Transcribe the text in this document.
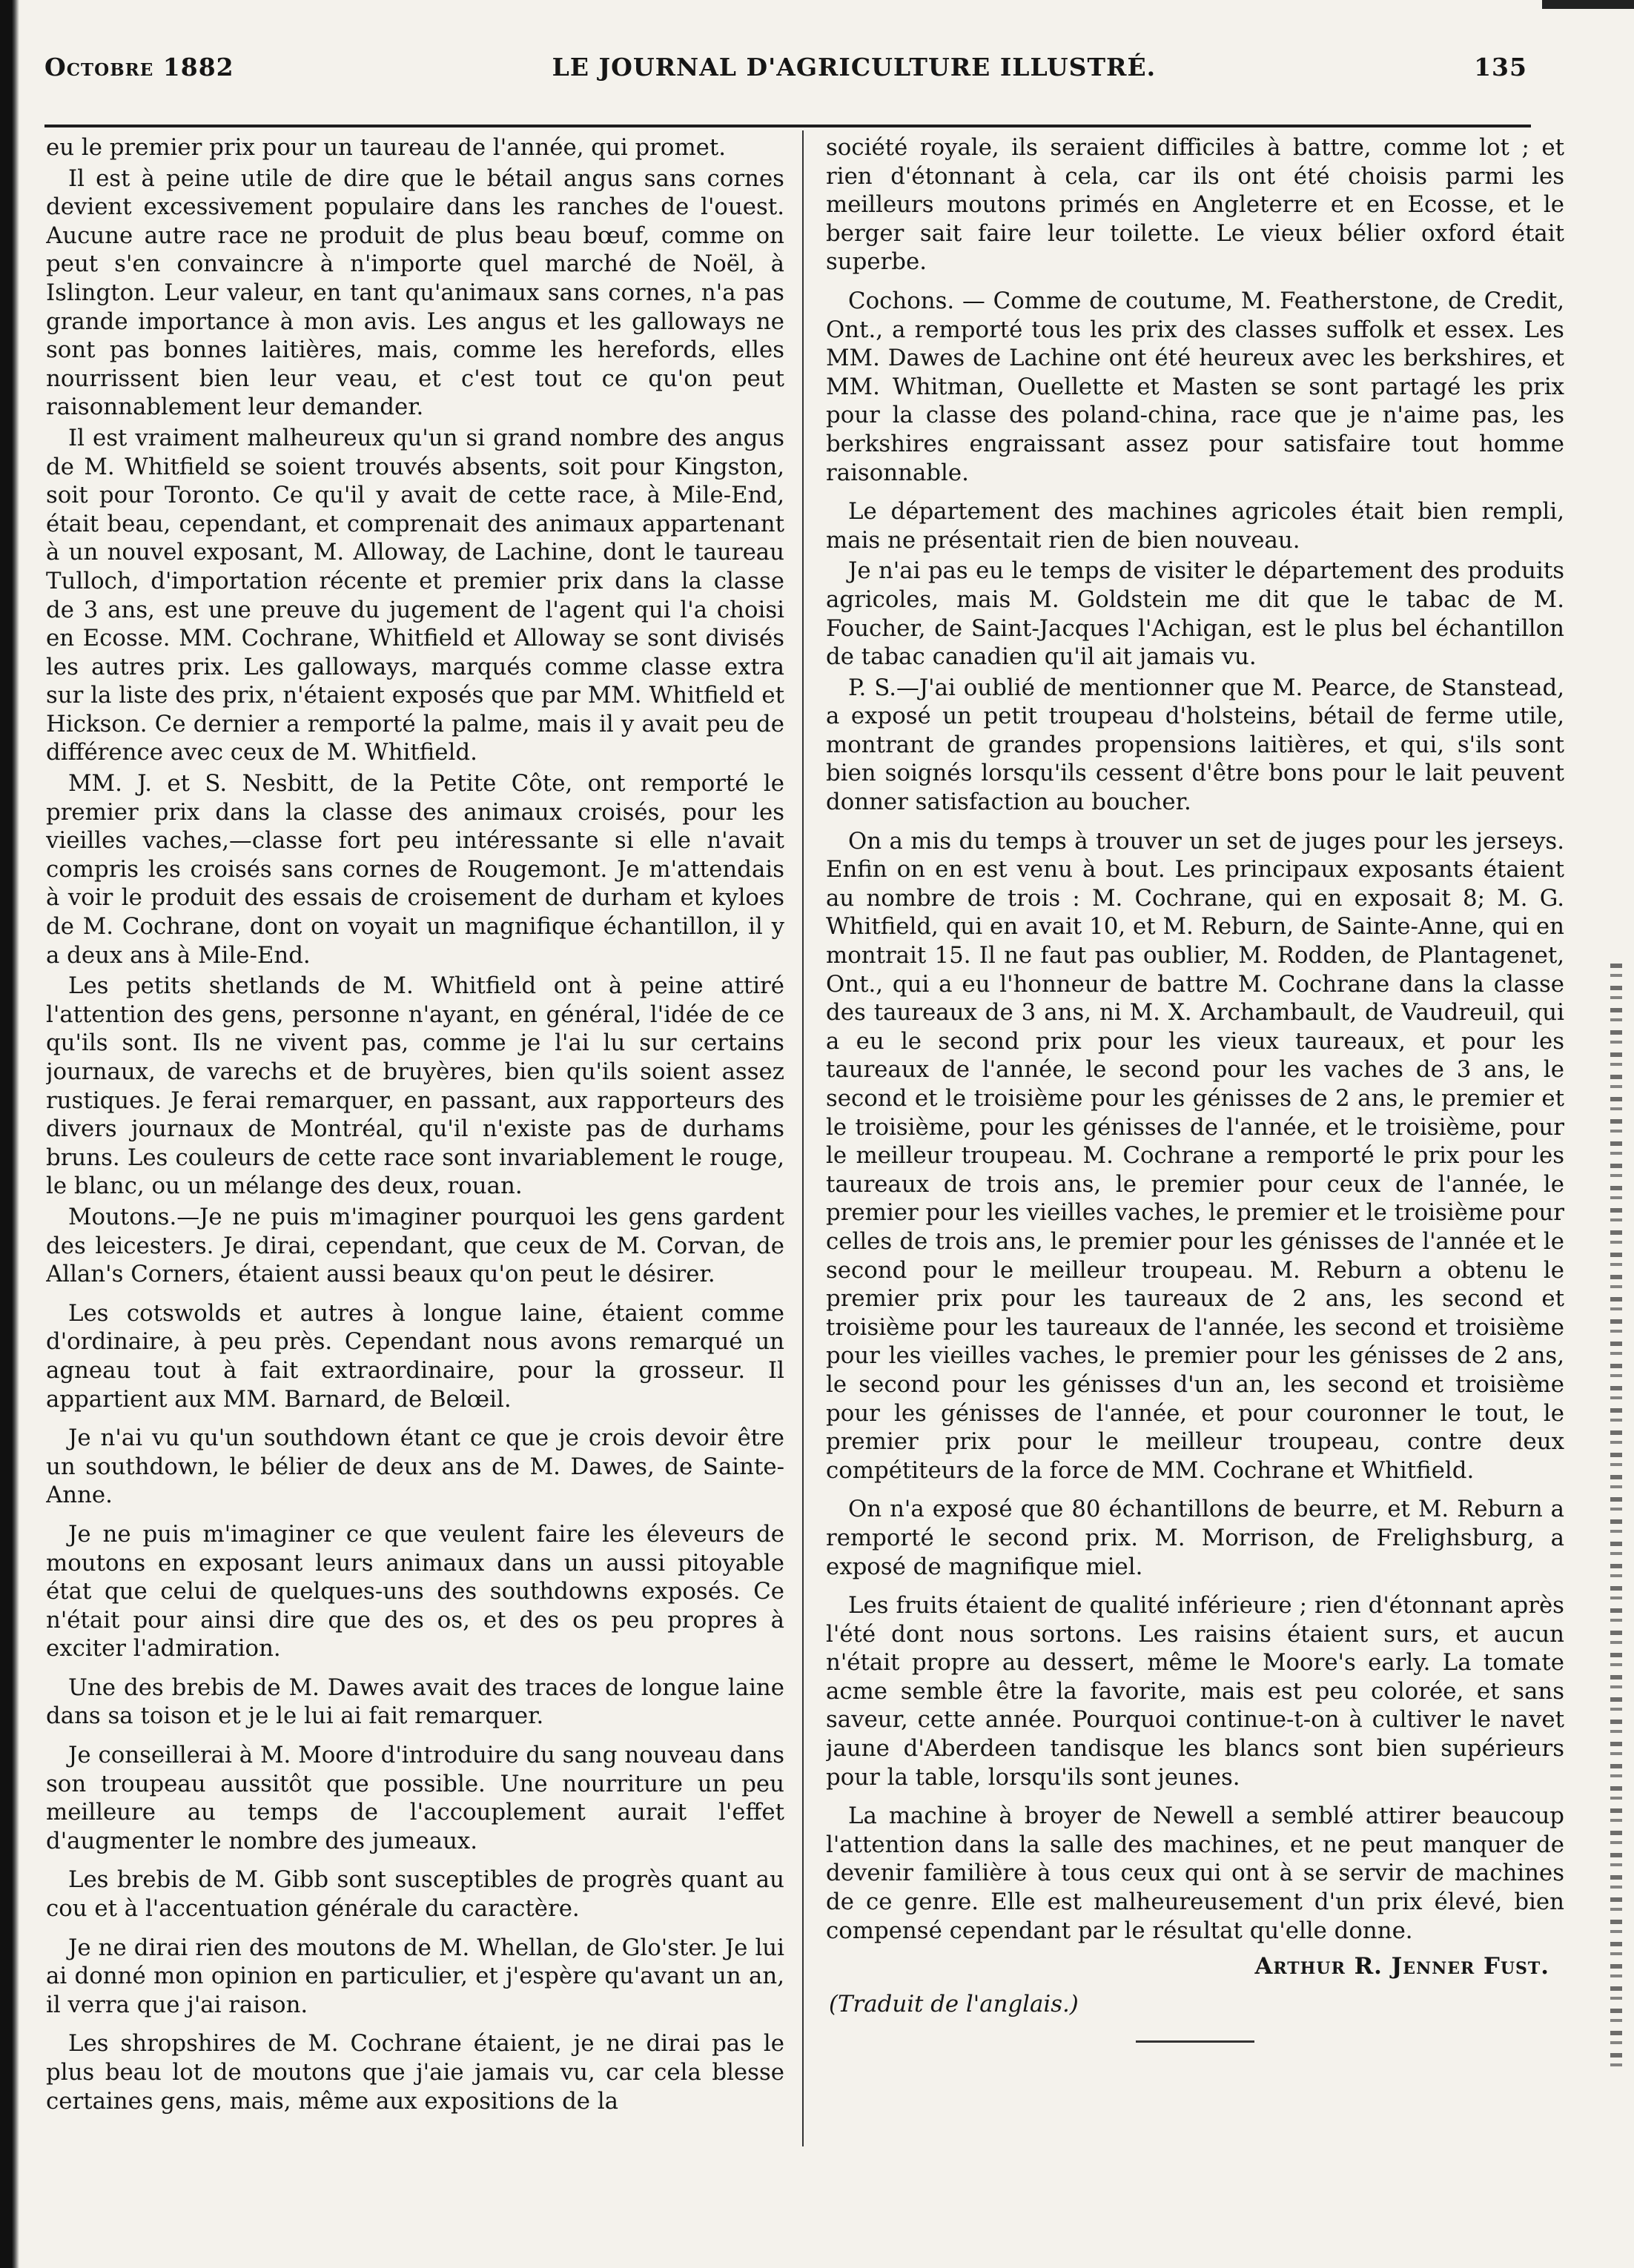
Octobre 1882	LE JOURNAL D'AGRICULTURE ILLUSTRÉ.	135

eu le premier prix pour un taureau de l'année, qui promet.

Il est à peine utile de dire que le bétail angus sans cornes devient excessivement populaire dans les ranches de l'ouest. Aucune autre race ne produit de plus beau bœuf, comme on peut s'en convaincre à n'importe quel marché de Noël, à Islington. Leur valeur, en tant qu'animaux sans cornes, n'a pas grande importance à mon avis. Les angus et les galloways ne sont pas bonnes laitières, mais, comme les herefords, elles nourrissent bien leur veau, et c'est tout ce qu'on peut raisonnablement leur demander.

Il est vraiment malheureux qu'un si grand nombre des angus de M. Whitfield se soient trouvés absents, soit pour Kingston, soit pour Toronto. Ce qu'il y avait de cette race, à Mile-End, était beau, cependant, et comprenait des animaux appartenant à un nouvel exposant, M. Alloway, de Lachine, dont le taureau Tulloch, d'importation récente et premier prix dans la classe de 3 ans, est une preuve du jugement de l'agent qui l'a choisi en Ecosse. MM. Cochrane, Whitfield et Alloway se sont divisés les autres prix. Les galloways, marqués comme classe extra sur la liste des prix, n'étaient exposés que par MM. Whitfield et Hickson. Ce dernier a remporté la palme, mais il y avait peu de différence avec ceux de M. Whitfield.

MM. J. et S. Nesbitt, de la Petite Côte, ont remporté le premier prix dans la classe des animaux croisés, pour les vieilles vaches,—classe fort peu intéressante si elle n'avait compris les croisés sans cornes de Rougemont. Je m'attendais à voir le produit des essais de croisement de durham et kyloes de M. Cochrane, dont on voyait un magnifique échantillon, il y a deux ans à Mile-End.

Les petits shetlands de M. Whitfield ont à peine attiré l'attention des gens, personne n'ayant, en général, l'idée de ce qu'ils sont. Ils ne vivent pas, comme je l'ai lu sur certains journaux, de varechs et de bruyères, bien qu'ils soient assez rustiques. Je ferai remarquer, en passant, aux rapporteurs des divers journaux de Montréal, qu'il n'existe pas de durhams bruns. Les couleurs de cette race sont invariablement le rouge, le blanc, ou un mélange des deux, rouan.

Moutons.—Je ne puis m'imaginer pourquoi les gens gardent des leicesters. Je dirai, cependant, que ceux de M. Corvan, de Allan's Corners, étaient aussi beaux qu'on peut le désirer.

Les cotswolds et autres à longue laine, étaient comme d'ordinaire, à peu près. Cependant nous avons remarqué un agneau tout à fait extraordinaire, pour la grosseur. Il appartient aux MM. Barnard, de Belœil.

Je n'ai vu qu'un southdown étant ce que je crois devoir être un southdown, le bélier de deux ans de M. Dawes, de Sainte-Anne.

Je ne puis m'imaginer ce que veulent faire les éleveurs de moutons en exposant leurs animaux dans un aussi pitoyable état que celui de quelques-uns des southdowns exposés. Ce n'était pour ainsi dire que des os, et des os peu propres à exciter l'admiration.

Une des brebis de M. Dawes avait des traces de longue laine dans sa toison et je le lui ai fait remarquer.

Je conseillerai à M. Moore d'introduire du sang nouveau dans son troupeau aussitôt que possible. Une nourriture un peu meilleure au temps de l'accouplement aurait l'effet d'augmenter le nombre des jumeaux.

Les brebis de M. Gibb sont susceptibles de progrès quant au cou et à l'accentuation générale du caractère.

Je ne dirai rien des moutons de M. Whellan, de Glo'ster. Je lui ai donné mon opinion en particulier, et j'espère qu'avant un an, il verra que j'ai raison.

Les shropshires de M. Cochrane étaient, je ne dirai pas le plus beau lot de moutons que j'aie jamais vu, car cela blesse certaines gens, mais, même aux expositions de la

société royale, ils seraient difficiles à battre, comme lot ; et rien d'étonnant à cela, car ils ont été choisis parmi les meilleurs moutons primés en Angleterre et en Ecosse, et le berger sait faire leur toilette. Le vieux bélier oxford était superbe.

Cochons. — Comme de coutume, M. Featherstone, de Credit, Ont., a remporté tous les prix des classes suffolk et essex. Les MM. Dawes de Lachine ont été heureux avec les berkshires, et MM. Whitman, Ouellette et Masten se sont partagé les prix pour la classe des poland-china, race que je n'aime pas, les berkshires engraissant assez pour satisfaire tout homme raisonnable.

Le département des machines agricoles était bien rempli, mais ne présentait rien de bien nouveau.

Je n'ai pas eu le temps de visiter le département des produits agricoles, mais M. Goldstein me dit que le tabac de M. Foucher, de Saint-Jacques l'Achigan, est le plus bel échantillon de tabac canadien qu'il ait jamais vu.

P. S.—J'ai oublié de mentionner que M. Pearce, de Stanstead, a exposé un petit troupeau d'holsteins, bétail de ferme utile, montrant de grandes propensions laitières, et qui, s'ils sont bien soignés lorsqu'ils cessent d'être bons pour le lait peuvent donner satisfaction au boucher.

On a mis du temps à trouver un set de juges pour les jerseys. Enfin on en est venu à bout. Les principaux exposants étaient au nombre de trois : M. Cochrane, qui en exposait 8; M. G. Whitfield, qui en avait 10, et M. Reburn, de Sainte-Anne, qui en montrait 15. Il ne faut pas oublier, M. Rodden, de Plantagenet, Ont., qui a eu l'honneur de battre M. Cochrane dans la classe des taureaux de 3 ans, ni M. X. Archambault, de Vaudreuil, qui a eu le second prix pour les vieux taureaux, et pour les taureaux de l'année, le second pour les vaches de 3 ans, le second et le troisième pour les génisses de 2 ans, le premier et le troisième, pour les génisses de l'année, et le troisième, pour le meilleur troupeau. M. Cochrane a remporté le prix pour les taureaux de trois ans, le premier pour ceux de l'année, le premier pour les vieilles vaches, le premier et le troisième pour celles de trois ans, le premier pour les génisses de l'année et le second pour le meilleur troupeau. M. Reburn a obtenu le premier prix pour les taureaux de 2 ans, les second et troisième pour les taureaux de l'année, les second et troisième pour les vieilles vaches, le premier pour les génisses de 2 ans, le second pour les génisses d'un an, les second et troisième pour les génisses de l'année, et pour couronner le tout, le premier prix pour le meilleur troupeau, contre deux compétiteurs de la force de MM. Cochrane et Whitfield.

On n'a exposé que 80 échantillons de beurre, et M. Reburn a remporté le second prix. M. Morrison, de Frelighsburg, a exposé de magnifique miel.

Les fruits étaient de qualité inférieure ; rien d'étonnant après l'été dont nous sortons. Les raisins étaient surs, et aucun n'était propre au dessert, même le Moore's early. La tomate acme semble être la favorite, mais est peu colorée, et sans saveur, cette année. Pourquoi continue-t-on à cultiver le navet jaune d'Aberdeen tandisque les blancs sont bien supérieurs pour la table, lorsqu'ils sont jeunes.

La machine à broyer de Newell a semblé attirer beaucoup l'attention dans la salle des machines, et ne peut manquer de devenir familière à tous ceux qui ont à se servir de machines de ce genre. Elle est malheureusement d'un prix élevé, bien compensé cependant par le résultat qu'elle donne.

Arthur R. Jenner Fust.
(Traduit de l'anglais.)
